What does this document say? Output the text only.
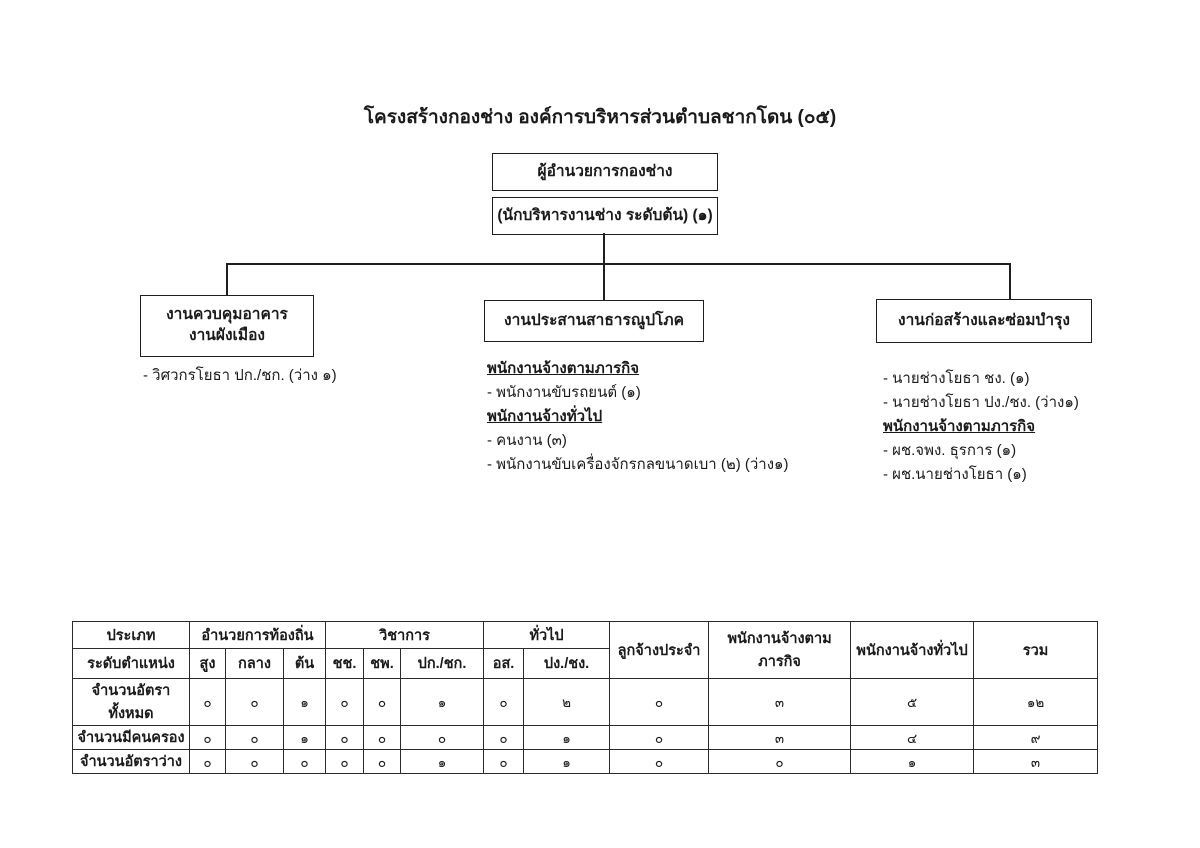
โครงสร้างกองช่าง องค์การบริหารส่วนตำบลชากโดน (๐๕)
ผู้อำนวยการกองช่าง
(นักบริหารงานช่าง ระดับต้น) (๑)
งานควบคุมอาคาร
งานผังเมือง
งานประสานสาธารณูปโภค	งานก่อสร้างและซ่อมบำรุง
- วิศวกรโยธา ปก./ชก. (ว่าง ๑)	พนักงานจ้างตามภารกิจ
- พนักงานขับรถยนต์ (๑)
พนักงานจ้างทั่วไป
- คนงาน (๓)
- พนักงานขับเครื่องจักรกลขนาดเบา (๒) (ว่าง๑)
- นายช่างโยธา ชง. (๑)
- นายช่างโยธา ปง./ชง. (ว่าง๑)
พนักงานจ้างตามภารกิจ
- ผช.จพง. ธุรการ (๑)
- ผช.นายช่างโยธา (๑)
ประเภท	อำนวยการท้องถิ่น			วิชาการ			ทั่วไป		ลูกจ้างประจำ	พนักงานจ้างตามภารกิจ	พนักงานจ้างทั่วไป	รวม
ระดับตำแหน่ง	สูง	กลาง	ต้น	ชช.	ชพ.	ปก./ชก.	อส.	ปง./ชง.				
จำนวนอัตราทั้งหมด	๐	๐	๑	๐	๐	๑	๐	๒	๐	๓	๕	๑๒
จำนวนมีคนครอง	๐	๐	๑	๐	๐	๐	๐	๑	๐	๓	๔	๙
จำนวนอัตราว่าง	๐	๐	๐	๐	๐	๑	๐	๑	๐	๐	๑	๓
